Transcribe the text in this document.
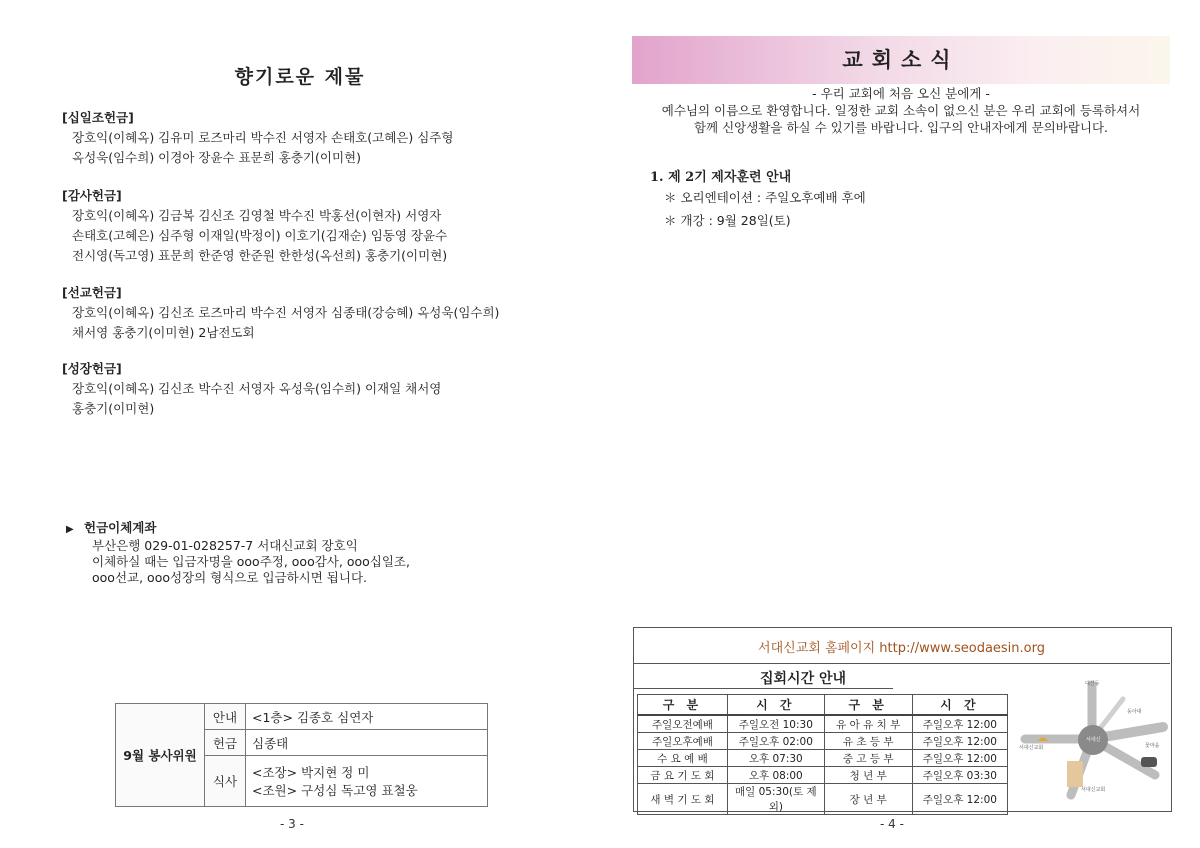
향기로운 제물
[십일조헌금]
장호익(이혜옥) 김유미 로즈마리 박수진 서영자 손태호(고혜은) 심주형
옥성욱(임수희) 이경아 장윤수 표문희 홍충기(이미현)
[감사헌금]
장호익(이혜옥) 김금복 김신조 김영철 박수진 박홍선(이현자) 서영자
손태호(고혜은) 심주형 이재일(박정이) 이호기(김재순) 임동영 장윤수
전시영(독고영) 표문희 한준영 한준원 한한성(옥선희) 홍충기(이미현)
[선교헌금]
장호익(이혜옥) 김신조 로즈마리 박수진 서영자 심종태(강승혜) 옥성욱(임수희)
채서영 홍충기(이미현) 2남전도회
[성장헌금]
장호익(이혜옥) 김신조 박수진 서영자 옥성욱(임수희) 이재일 채서영
홍충기(이미현)
▶ 헌금이체계좌
부산은행 029-01-028257-7 서대신교회 장호익
이체하실 때는 입금자명을 ooo주정, ooo감사, ooo십일조,
ooo선교, ooo성장의 형식으로 입금하시면 됩니다.
9월 봉사위원	안내	<1층> 김종호 심연자
	헌금	심종태
	식사	<조장> 박지현 정 미
<조원> 구성심 독고영 표철웅
- 3 -
교회소식
- 우리 교회에 처음 오신 분에게 -
예수님의 이름으로 환영합니다. 일정한 교회 소속이 없으신 분은 우리 교회에 등록하셔서
함께 신앙생활을 하실 수 있기를 바랍니다. 입구의 안내자에게 문의바랍니다.
1. 제 2기 제자훈련 안내
＊ 오리엔테이션 : 주일오후예배 후에
＊ 개강 : 9월 28일(토)
서대신교회 홈페이지 http://www.seodaesin.org
집회시간 안내
구 분	시 간	구 분	시 간
주일오전예배	주일오전 10:30	유 아 유 치 부	주일오후 12:00
주일오후예배	주일오후 02:00	유 초 등 부	주일오후 12:00
수 요 예 배	오후 07:30	중 고 등 부	주일오후 12:00
금 요 기 도 회	오후 08:00	청 년 부	주일오후 03:30
새 벽 기 도 회	매일 05:30(토 제외)	장 년 부	주일오후 12:00
대신동
서대신
서대신교회
동아대
꽃마을
서대신교회
- 4 -
